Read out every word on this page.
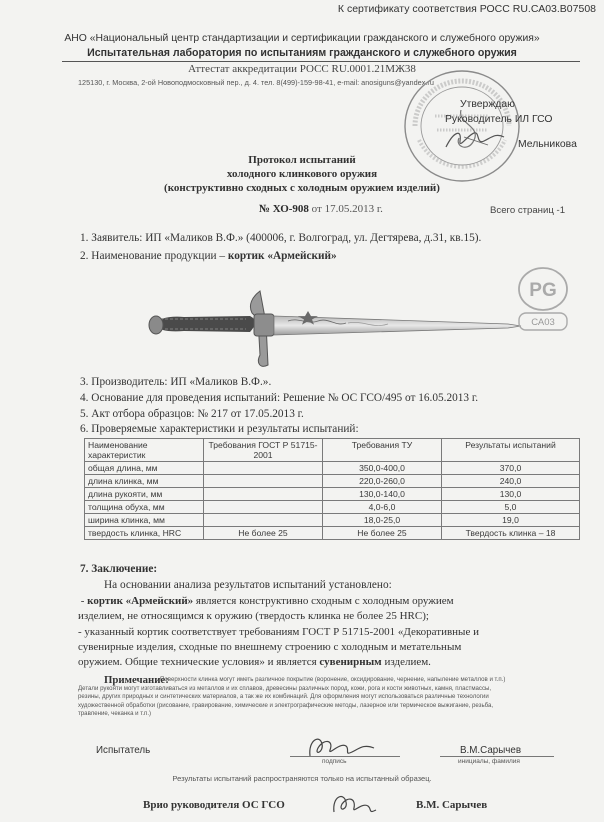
К сертификату соответствия РОСС RU.СА03.В07508
АНО «Национальный центр стандартизации и сертификации гражданского и служебного оружия»
Испытательная лаборатория по испытаниям гражданского и служебного оружия
Аттестат аккредитации РОСС RU.0001.21МЖ38
125130, г. Москва, 2-ой Новоподмосковный пер., д. 4. тел. 8(499)-159-98-41, e-mail: anosiguns@yandex.ru
Утверждаю
Руководитель ИЛ ГСО
Мельникова
Протокол испытаний
холодного клинкового оружия
(конструктивно сходных с холодным оружием изделий)
№ ХО-908 от 17.05.2013 г.	Всего страниц -1
1. Заявитель: ИП «Маликов В.Ф.» (400006, г. Волгоград, ул. Дегтярева, д.31, кв.15).
2. Наименование продукции – кортик «Армейский»
PG
СА03
3. Производитель: ИП «Маликов В.Ф.».
4. Основание для проведения испытаний: Решение № ОС ГСО/495 от 16.05.2013 г.
5. Акт отбора образцов: № 217 от 17.05.2013 г.
6. Проверяемые характеристики и результаты испытаний:
Наименование характеристик	Требования ГОСТ Р 51715-2001	Требования ТУ	Результаты испытаний
общая длина, мм		350,0-400,0	370,0
длина клинка, мм		220,0-260,0	240,0
длина рукояти, мм		130,0-140,0	130,0
толщина обуха, мм		4,0-6,0	5,0
ширина клинка, мм		18,0-25,0	19,0
твердость клинка, HRC	Не более 25	Не более 25	Твердость клинка – 18
7. Заключение:
На основании анализа результатов испытаний установлено:
- кортик «Армейский» является конструктивно сходным с холодным оружием
изделием, не относящимся к оружию (твердость клинка не более 25 HRC);
- указанный кортик соответствует требованиям ГОСТ Р 51715-2001 «Декоративные и
сувенирные изделия, сходные по внешнему строению с холодным и метательным
оружием. Общие технические условия» и является сувенирным изделием.
Примечание:
Поверхности клинка могут иметь различное покрытие (воронение, оксидирование, чернение, напыление металлов и т.п.)
Детали рукояти могут изготавливаться из металлов и их сплавов, древесины различных пород, кожи, рога и кости животных, камня, пластмассы,
резины, других природных и синтетических материалов, а так же их комбинаций. Для оформления могут использоваться различные технологии
художественной обработки (рисование, гравирование, химические и электрографические методы, лазерное или термическое выжигание, резьба,
травление, чеканка и т.п.)
Испытатель
подпись
В.М.Сарычев
инициалы, фамилия
Результаты испытаний распространяются только на испытанный образец.
Врио руководителя ОС ГСО	В.М. Сарычев
